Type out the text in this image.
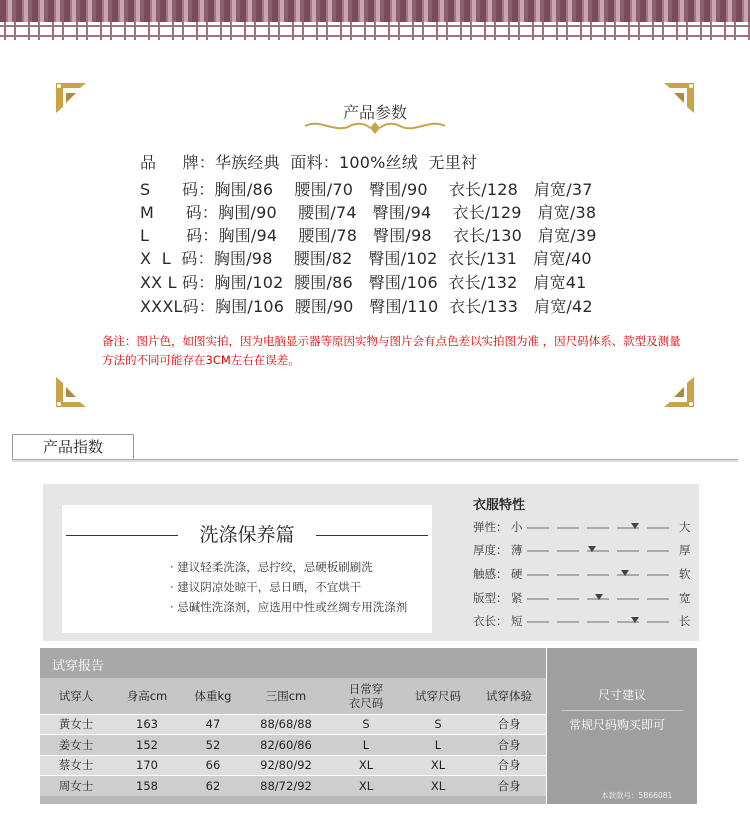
产品参数
品     牌：华族经典  面料：100%丝绒  无里衬
S      码：胸围/86    腰围/70   臀围/90    衣长/128   肩宽/37
M      码：胸围/90    腰围/74   臀围/94    衣长/129   肩宽/38
L       码：胸围/94    腰围/78   臀围/98    衣长/130   肩宽/39
X  L  码：胸围/98    腰围/82   臀围/102  衣长/131   肩宽/40
XX L 码：胸围/102  腰围/86   臀围/106  衣长/132   肩宽41
XXXL码：胸围/106  腰围/90   臀围/110  衣长/133   肩宽/42
备注：图片色，如图实拍，因为电脑显示器等原因实物与图片会有点色差以实拍图为准 ，因尺码体系、款型及测量方法的不同可能存在3CM左右在误差。
产品指数
洗涤保养篇
· 建议轻柔洗涤，忌拧绞，忌硬板刷刷洗
· 建议阴凉处晾干，忌日晒，不宜烘干
· 忌碱性洗涤剂，应选用中性或丝绸专用洗涤剂
衣服特性
弹性： 小	大
厚度： 薄	厚
触感： 硬	软
版型： 紧	宽
衣长： 短	长
试穿报告
试穿人	身高cm	体重kg	三围cm	日常穿
衣尺码	试穿尺码	试穿体验
黄女士	163	47	88/68/88	S	S	合身
姜女士	152	52	82/60/86	L	L	合身
蔡女士	170	66	92/80/92	XL	XL	合身
周女士	158	62	88/72/92	XL	XL	合身
尺寸建议
常规尺码购买即可
本款款号：5B66081
